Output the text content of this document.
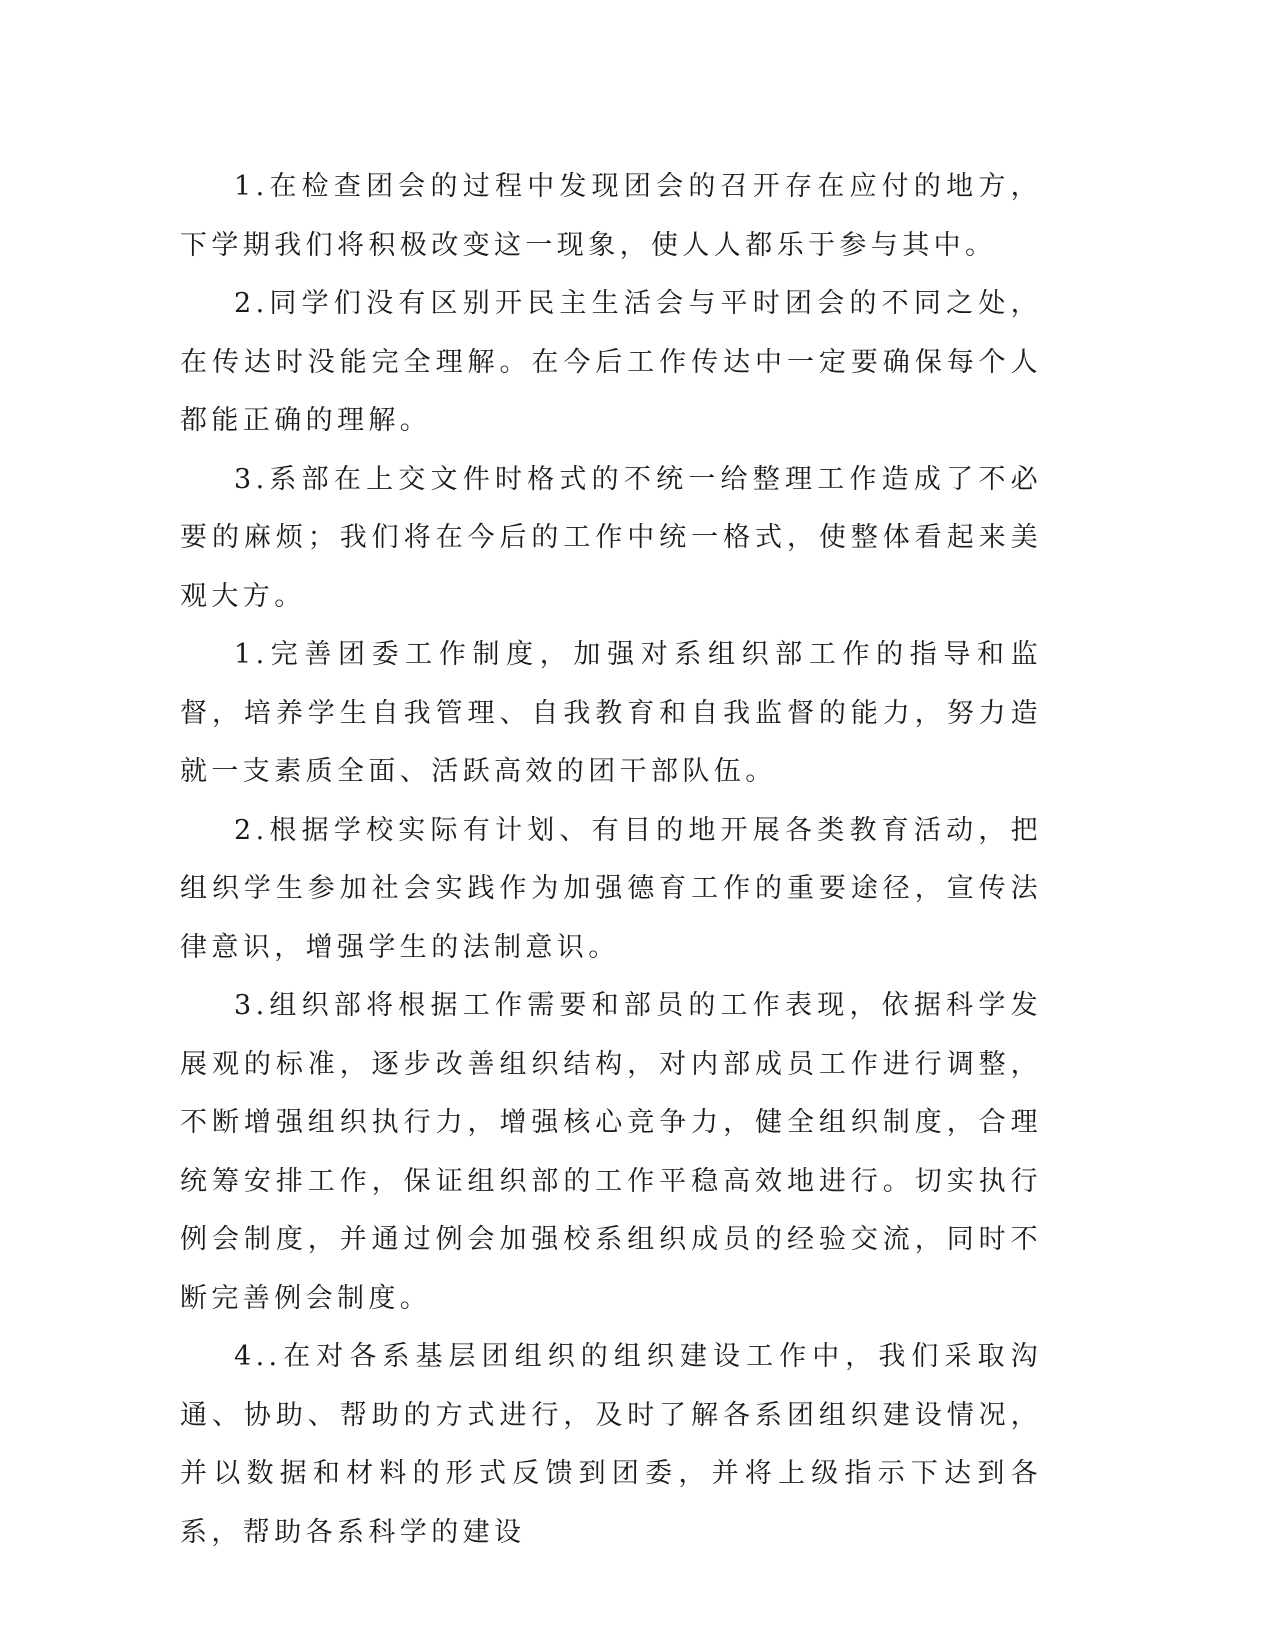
1.在检查团会的过程中发现团会的召开存在应付的地方，下学期我们将积极改变这一现象，使人人都乐于参与其中。

2.同学们没有区别开民主生活会与平时团会的不同之处，在传达时没能完全理解。在今后工作传达中一定要确保每个人都能正确的理解。

3.系部在上交文件时格式的不统一给整理工作造成了不必要的麻烦；我们将在今后的工作中统一格式，使整体看起来美观大方。

1.完善团委工作制度，加强对系组织部工作的指导和监督，培养学生自我管理、自我教育和自我监督的能力，努力造就一支素质全面、活跃高效的团干部队伍。

2.根据学校实际有计划、有目的地开展各类教育活动，把组织学生参加社会实践作为加强德育工作的重要途径，宣传法律意识，增强学生的法制意识。

3.组织部将根据工作需要和部员的工作表现，依据科学发展观的标准，逐步改善组织结构，对内部成员工作进行调整，不断增强组织执行力，增强核心竞争力，健全组织制度，合理统筹安排工作，保证组织部的工作平稳高效地进行。切实执行例会制度，并通过例会加强校系组织成员的经验交流，同时不断完善例会制度。

4..在对各系基层团组织的组织建设工作中，我们采取沟通、协助、帮助的方式进行，及时了解各系团组织建设情况，并以数据和材料的形式反馈到团委，并将上级指示下达到各系，帮助各系科学的建设
